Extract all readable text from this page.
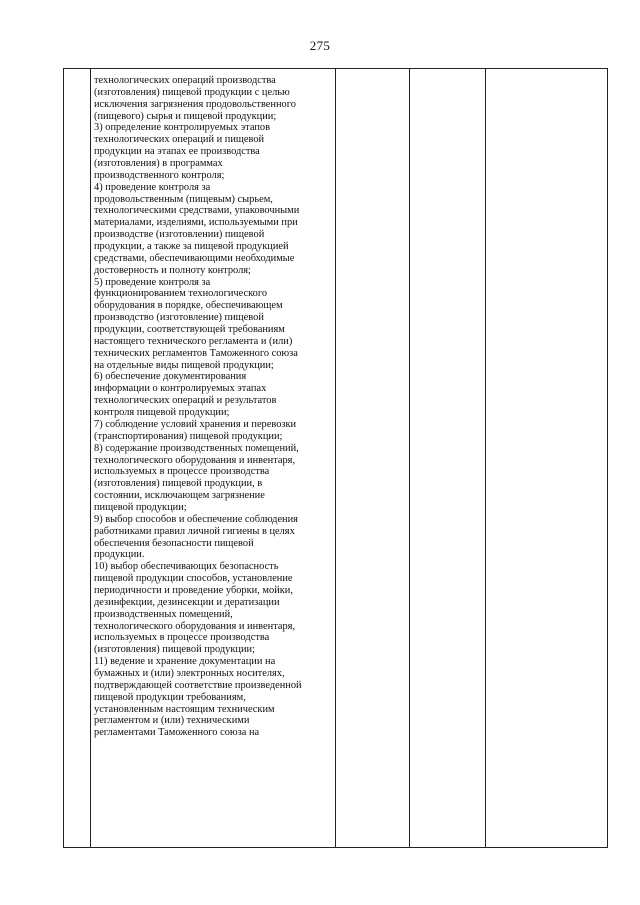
275
технологических операций производства
(изготовления) пищевой продукции с целью
исключения загрязнения продовольственного
(пищевого) сырья и пищевой продукции;
3) определение контролируемых этапов
технологических операций и пищевой
продукции на этапах ее производства
(изготовления) в программах
производственного контроля;
4) проведение контроля за
продовольственным (пищевым) сырьем,
технологическими средствами, упаковочными
материалами, изделиями, используемыми при
производстве (изготовлении) пищевой
продукции, а также за пищевой продукцией
средствами, обеспечивающими необходимые
достоверность и полноту контроля;
5) проведение контроля за
функционированием технологического
оборудования в порядке, обеспечивающем
производство (изготовление) пищевой
продукции, соответствующей требованиям
настоящего технического регламента и (или)
технических регламентов Таможенного союза
на отдельные виды пищевой продукции;
6) обеспечение документирования
информации о контролируемых этапах
технологических операций и результатов
контроля пищевой продукции;
7) соблюдение условий хранения и перевозки
(транспортирования) пищевой продукции;
8) содержание производственных помещений,
технологического оборудования и инвентаря,
используемых в процессе производства
(изготовления) пищевой продукции, в
состоянии, исключающем загрязнение
пищевой продукции;
9) выбор способов и обеспечение соблюдения
работниками правил личной гигиены в целях
обеспечения безопасности пищевой
продукции.
10) выбор обеспечивающих безопасность
пищевой продукции способов, установление
периодичности и проведение уборки, мойки,
дезинфекции, дезинсекции и дератизации
производственных помещений,
технологического оборудования и инвентаря,
используемых в процессе производства
(изготовления) пищевой продукции;
11) ведение и хранение документации на
бумажных и (или) электронных носителях,
подтверждающей соответствие произведенной
пищевой продукции требованиям,
установленным настоящим техническим
регламентом и (или) техническими
регламентами Таможенного союза на
